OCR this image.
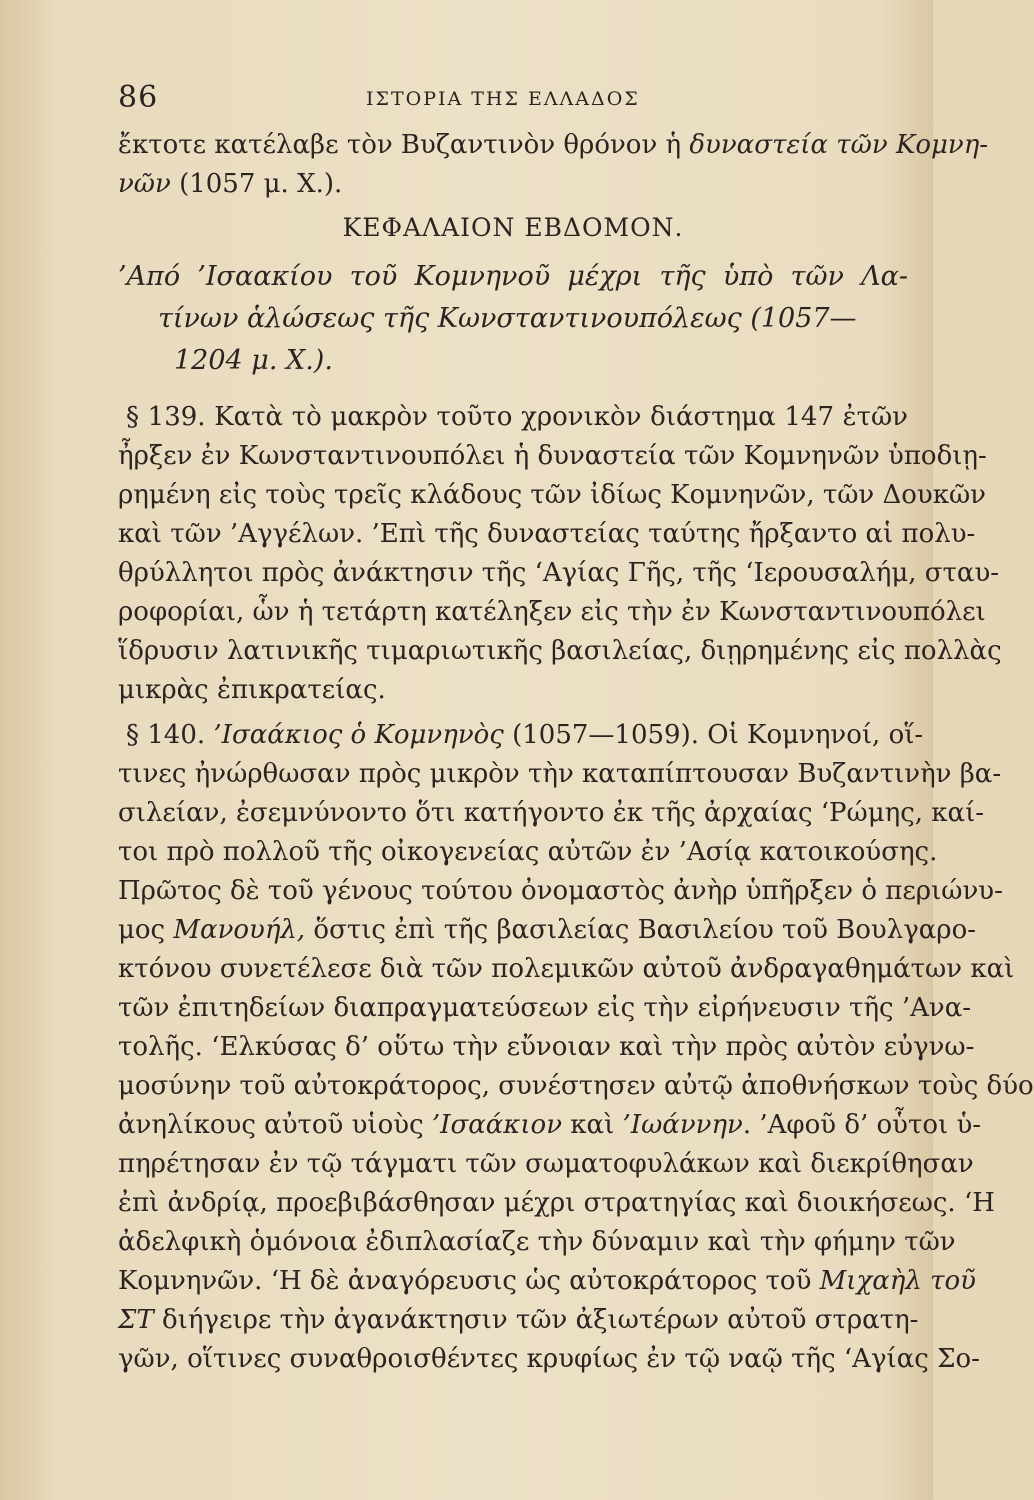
86	ΙΣΤΟΡΙΑ ΤΗΣ ΕΛΛΑΔΟΣ
ἔκτοτε κατέλαβε τὸν Βυζαντινὸν θρόνον ἡ δυναστεία τῶν Κομνη-
νῶν (1057 μ. Χ.).
ΚΕΦΑΛΑΙΟΝ ΕΒΔΟΜΟΝ.
’Από ’Ισαακίου τοῦ Κομνηνοῦ μέχρι τῆς ὑπὸ τῶν Λα-
τίνων ἁλώσεως τῆς Κωνσταντινουπόλεως (1057—
1204 μ. Χ.).
§ 139. Κατὰ τὸ μακρὸν τοῦτο χρονικὸν διάστημα 147 ἐτῶν
ἦρξεν ἐν Κωνσταντινουπόλει ἡ δυναστεία τῶν Κομνηνῶν ὑποδιῃ-
ρημένη εἰς τοὺς τρεῖς κλάδους τῶν ἰδίως Κομνηνῶν, τῶν Δουκῶν
καὶ τῶν ’Αγγέλων. ’Επὶ τῆς δυναστείας ταύτης ἤρξαντο αἱ πολυ-
θρύλλητοι πρὸς ἀνάκτησιν τῆς ‘Αγίας Γῆς, τῆς ‘Ιερουσαλήμ, σταυ-
ροφορίαι, ὧν ἡ τετάρτη κατέληξεν εἰς τὴν ἐν Κωνσταντινουπόλει
ἵδρυσιν λατινικῆς τιμαριωτικῆς βασιλείας, διῃρημένης εἰς πολλὰς
μικρὰς ἐπικρατείας.
§ 140. ’Ισαάκιος ὁ Κομνηνὸς (1057—1059). Οἱ Κομνηνοί, οἵ-
τινες ἠνώρθωσαν πρὸς μικρὸν τὴν καταπίπτουσαν Βυζαντινὴν βα-
σιλείαν, ἐσεμνύνοντο ὅτι κατήγοντο ἐκ τῆς ἀρχαίας ‘Ρώμης, καί-
τοι πρὸ πολλοῦ τῆς οἰκογενείας αὐτῶν ἐν ’Ασίᾳ κατοικούσης.
Πρῶτος δὲ τοῦ γένους τούτου ὀνομαστὸς ἀνὴρ ὑπῆρξεν ὁ περιώνυ-
μος Μανουήλ, ὅστις ἐπὶ τῆς βασιλείας Βασιλείου τοῦ Βουλγαρο-
κτόνου συνετέλεσε διὰ τῶν πολεμικῶν αὐτοῦ ἀνδραγαθημάτων καὶ
τῶν ἐπιτηδείων διαπραγματεύσεων εἰς τὴν εἰρήνευσιν τῆς ’Ανα-
τολῆς. ‘Ελκύσας δ’ οὕτω τὴν εὔνοιαν καὶ τὴν πρὸς αὐτὸν εὐγνω-
μοσύνην τοῦ αὐτοκράτορος, συνέστησεν αὐτῷ ἀποθνήσκων τοὺς δύο
ἀνηλίκους αὐτοῦ υἱοὺς ’Ισαάκιον καὶ ’Ιωάννην. ’Αφοῦ δ’ οὗτοι ὑ-
πηρέτησαν ἐν τῷ τάγματι τῶν σωματοφυλάκων καὶ διεκρίθησαν
ἐπὶ ἀνδρίᾳ, προεβιβάσθησαν μέχρι στρατηγίας καὶ διοικήσεως. ‘Η
ἀδελφικὴ ὁμόνοια ἐδιπλασίαζε τὴν δύναμιν καὶ τὴν φήμην τῶν
Κομνηνῶν. ‘Η δὲ ἀναγόρευσις ὡς αὐτοκράτορος τοῦ Μιχαὴλ τοῦ
ΣΤ διήγειρε τὴν ἀγανάκτησιν τῶν ἀξιωτέρων αὐτοῦ στρατη-
γῶν, οἵτινες συναθροισθέντες κρυφίως ἐν τῷ ναῷ τῆς ‘Αγίας Σο-
